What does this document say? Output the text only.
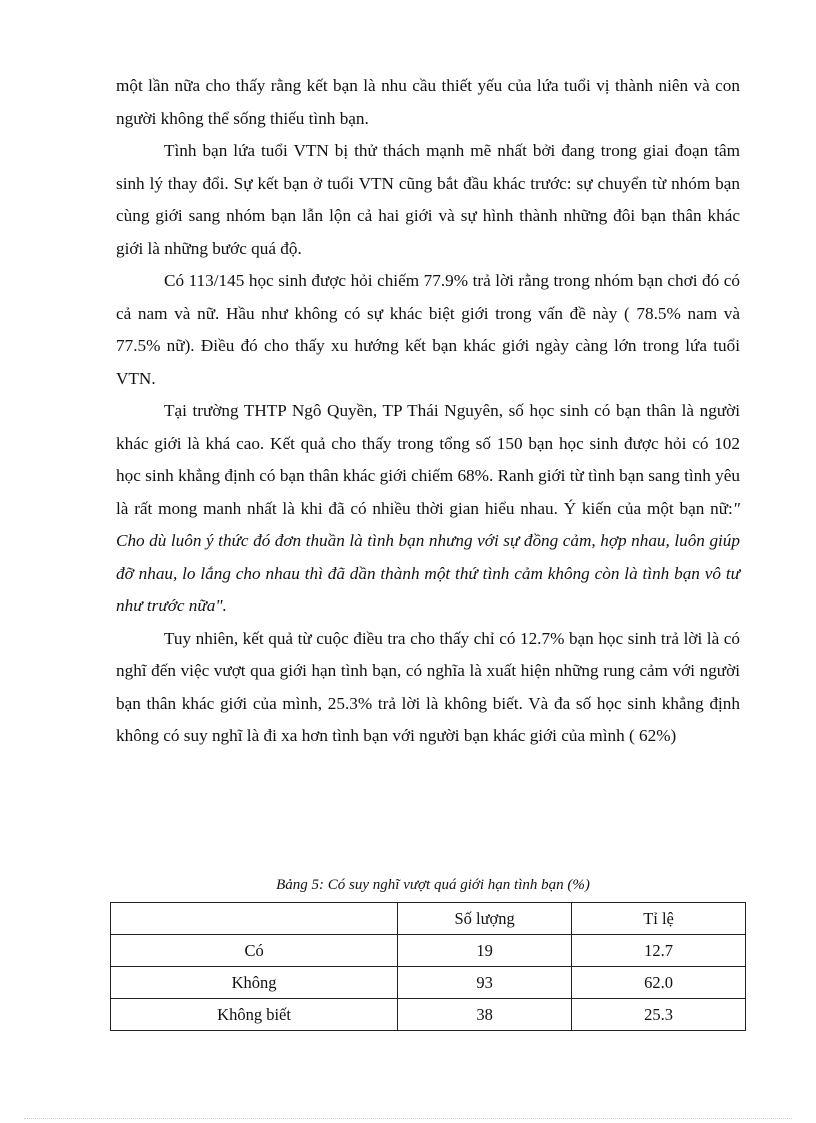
một lần nữa cho thấy rằng kết bạn là nhu cầu thiết yếu của lứa tuổi vị thành niên và con người không thể sống thiếu tình bạn.

Tình bạn lứa tuổi VTN bị thử thách mạnh mẽ nhất bởi đang trong giai đoạn tâm sinh lý thay đổi. Sự kết bạn ở tuổi VTN cũng bắt đầu khác trước: sự chuyển từ nhóm bạn cùng giới sang nhóm bạn lẫn lộn cả hai giới và sự hình thành những đôi bạn thân khác giới là những bước quá độ.

Có 113/145 học sinh được hỏi chiếm 77.9% trả lời rằng trong nhóm bạn chơi đó có cả nam và nữ. Hầu như không có sự khác biệt giới trong vấn đề này ( 78.5% nam và 77.5% nữ). Điều đó cho thấy xu hướng kết bạn khác giới ngày càng lớn trong lứa tuổi VTN.

Tại trường THTP Ngô Quyền, TP Thái Nguyên, số học sinh có bạn thân là người khác giới là khá cao. Kết quả cho thấy trong tổng số 150 bạn học sinh được hỏi có 102 học sinh khẳng định có bạn thân khác giới chiếm 68%. Ranh giới từ tình bạn sang tình yêu là rất mong manh nhất là khi đã có nhiều thời gian hiểu nhau. Ý kiến của một bạn nữ:" Cho dù luôn ý thức đó đơn thuần là tình bạn nhưng với sự đồng cảm, hợp nhau, luôn giúp đỡ nhau, lo lắng cho nhau thì đã dần thành một thứ tình cảm không còn là tình bạn vô tư như trước nữa".

Tuy nhiên, kết quả từ cuộc điều tra cho thấy chỉ có 12.7% bạn học sinh trả lời là có nghĩ đến việc vượt qua giới hạn tình bạn, có nghĩa là xuất hiện những rung cảm với người bạn thân khác giới của mình, 25.3% trả lời là không biết. Và đa số học sinh khẳng định không có suy nghĩ là đi xa hơn tình bạn với người bạn khác giới của mình ( 62%)

Bảng 5: Có suy nghĩ vượt quá giới hạn tình bạn (%)
	Số lượng	Tỉ lệ
Có	19	12.7
Không	93	62.0
Không biết	38	25.3
